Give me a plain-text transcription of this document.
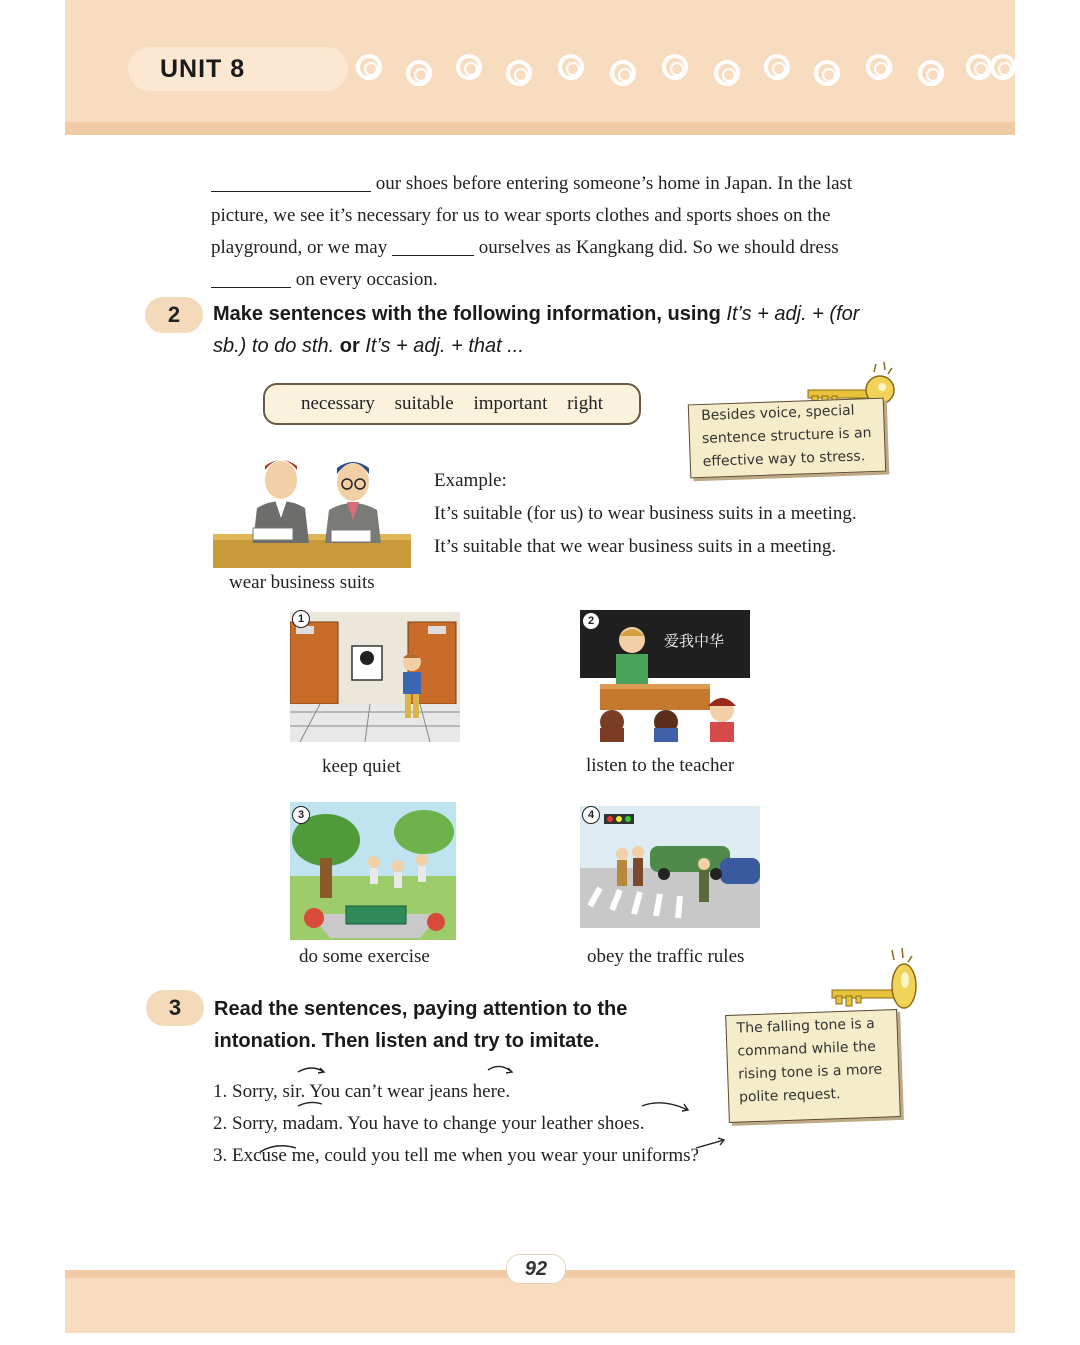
UNIT 8
our shoes before entering someone’s home in Japan. In the last
picture, we see it’s necessary for us to wear sports clothes and sports shoes on the
playground, or we may	ourselves as Kangkang did. So we should dress
on every occasion.
2	Make sentences with the following information, using It’s + adj. + (for
sb.) to do sth. or It’s + adj. + that ...
necessary suitable important right	Besides voice, special
sentence structure is an
effective way to stress.
wear business suits
Example:
It’s suitable (for us) to wear business suits in a meeting.
It’s suitable that we wear business suits in a meeting.
1
keep quiet
爱我中华
2
listen to the teacher
3
do some exercise
4
obey the traffic rules
3	Read the sentences, paying attention to the
intonation. Then listen and try to imitate.
The falling tone is a
command while the
rising tone is a more
polite request.
1. Sorry, sir. You can’t wear jeans here.
2. Sorry, madam. You have to change your leather shoes.
3. Excuse me, could you tell me when you wear your uniforms?
92
